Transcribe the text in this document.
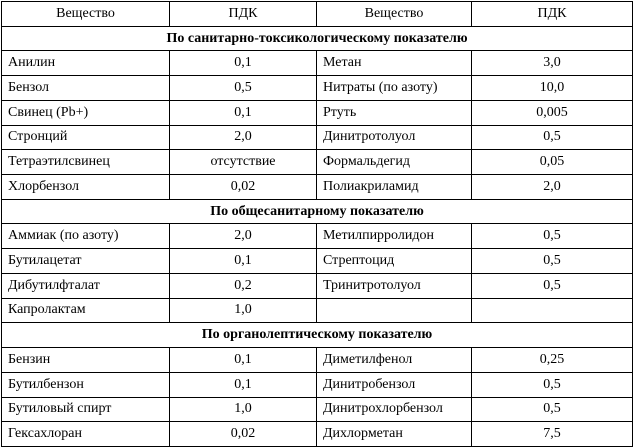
Вещество	ПДК	Вещество	ПДК
По санитарно-токсикологическому показателю			
Анилин	0,1	Метан	3,0
Бензол	0,5	Нитраты (по азоту)	10,0
Свинец (Pb+)	0,1	Ртуть	0,005
Стронций	2,0	Динитротолуол	0,5
Тетраэтилсвинец	отсутствие	Формальдегид	0,05
Хлорбензол	0,02	Полиакриламид	2,0
По общесанитарному показателю			
Аммиак (по азоту)	2,0	Метилпирролидон	0,5
Бутилацетат	0,1	Стрептоцид	0,5
Дибутилфталат	0,2	Тринитротолуол	0,5
Капролактам	1,0		
По органолептическому показателю			
Бензин	0,1	Диметилфенол	0,25
Бутилбензон	0,1	Динитробензол	0,5
Бутиловый спирт	1,0	Динитрохлорбензол	0,5
Гексахлоран	0,02	Дихлорметан	7,5
